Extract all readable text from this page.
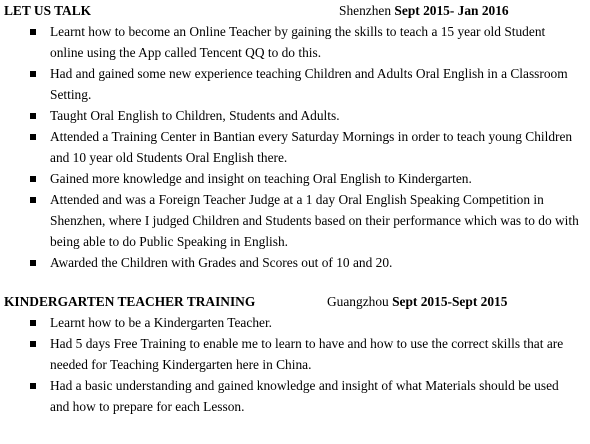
LET US TALK	Shenzhen Sept 2015- Jan 2016
Learnt how to become an Online Teacher by gaining the skills to teach a 15 year old Student online using the App called Tencent QQ to do this.
Had and gained some new experience teaching Children and Adults Oral English in a Classroom Setting.
Taught Oral English to Children, Students and Adults.
Attended a Training Center in Bantian every Saturday Mornings in order to teach young Children and 10 year old Students Oral English there.
Gained more knowledge and insight on teaching Oral English to Kindergarten.
Attended and was a Foreign Teacher Judge at a 1 day Oral English Speaking Competition in Shenzhen, where I judged Children and Students based on their performance which was to do with being able to do Public Speaking in English.
Awarded the Children with Grades and Scores out of 10 and 20.
KINDERGARTEN TEACHER TRAINING	Guangzhou Sept 2015-Sept 2015
Learnt how to be a Kindergarten Teacher.
Had 5 days Free Training to enable me to learn to have and how to use the correct skills that are needed for Teaching Kindergarten here in China.
Had a basic understanding and gained knowledge and insight of what Materials should be used and how to prepare for each Lesson.
